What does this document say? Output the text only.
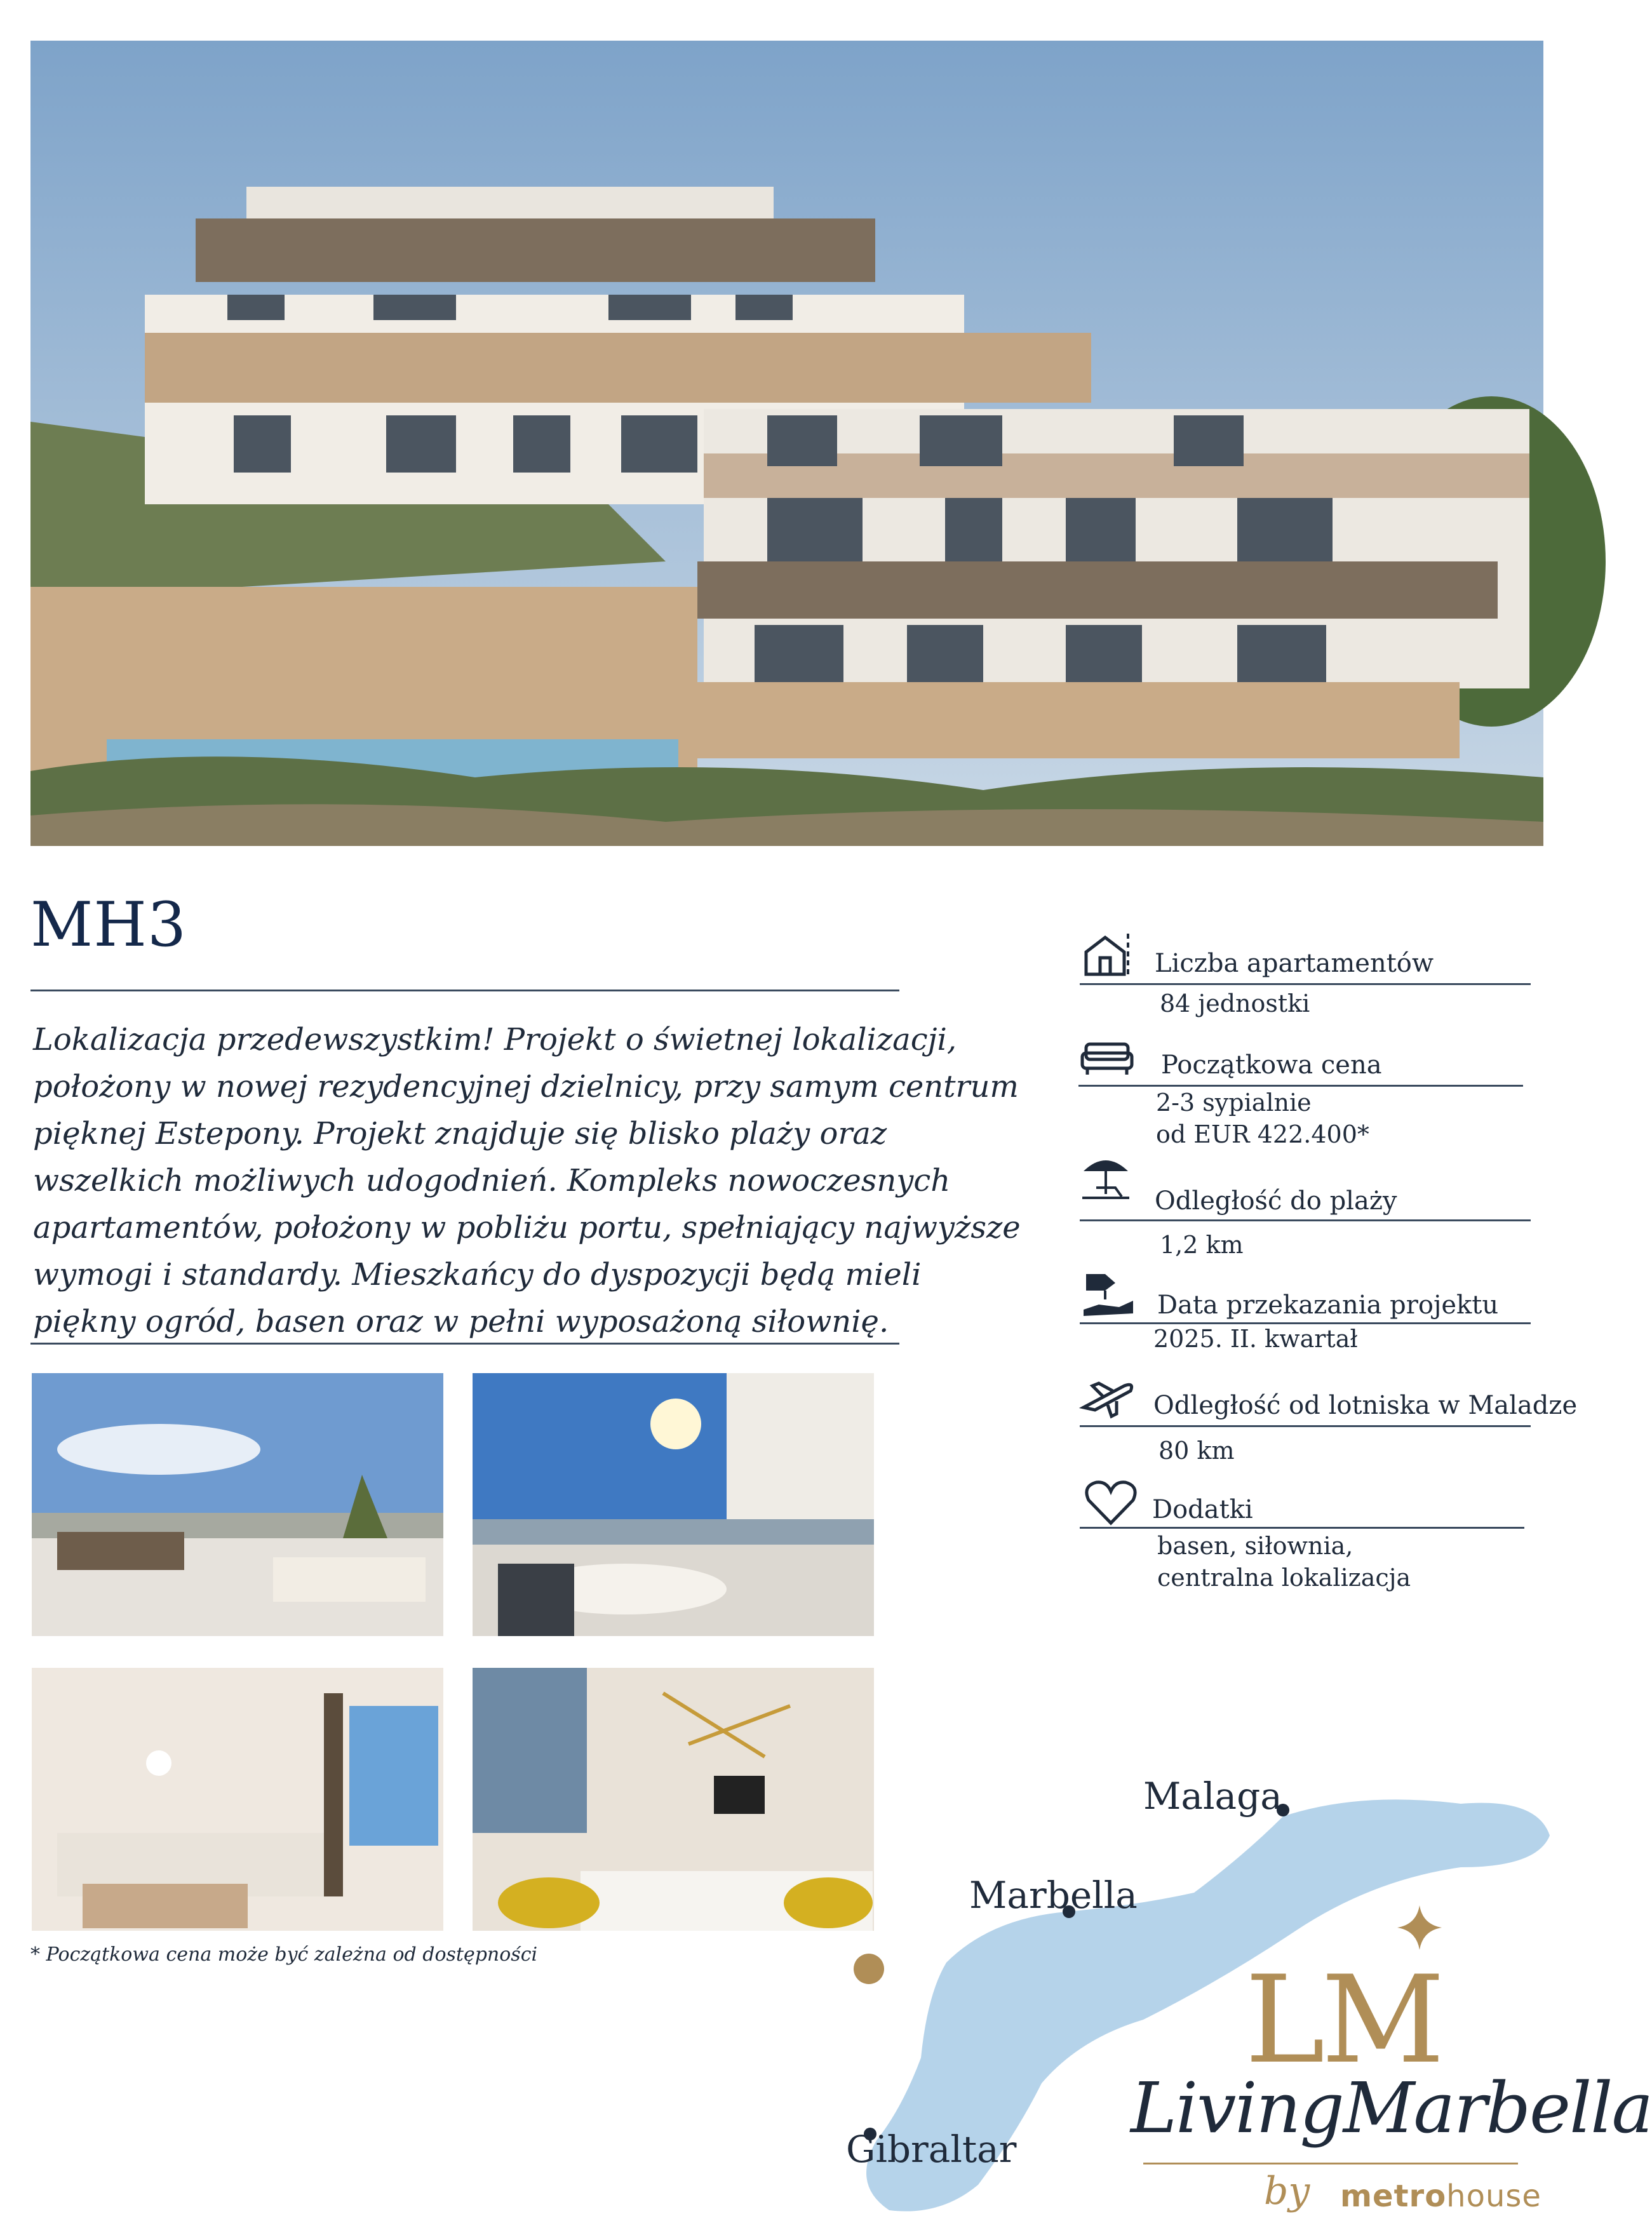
MH3
Lokalizacja przedewszystkim! Projekt o świetnej lokalizacji, położony w nowej rezydencyjnej dzielnicy, przy samym centrum pięknej Estepony. Projekt znajduje się blisko plaży oraz wszelkich możliwych udogodnień. Kompleks nowoczesnych apartamentów, położony w pobliżu portu, spełniający najwyższe wymogi i standardy. Mieszkańcy do dyspozycji będą mieli piękny ogród, basen oraz w pełni wyposażoną siłownię.
* Początkowa cena może być zależna od dostępności
Liczba apartamentów
84 jednostki
Początkowa cena
2-3 sypialnie
od EUR 422.400*
Odległość do plaży
1,2 km
Data przekazania projektu
2025. II. kwartał
Odległość od lotniska w Maladze
80 km
Dodatki
basen, siłownia,
centralna lokalizacja
Malaga
Marbella
Gibraltar
LM
LivingMarbella
by metrohouse
